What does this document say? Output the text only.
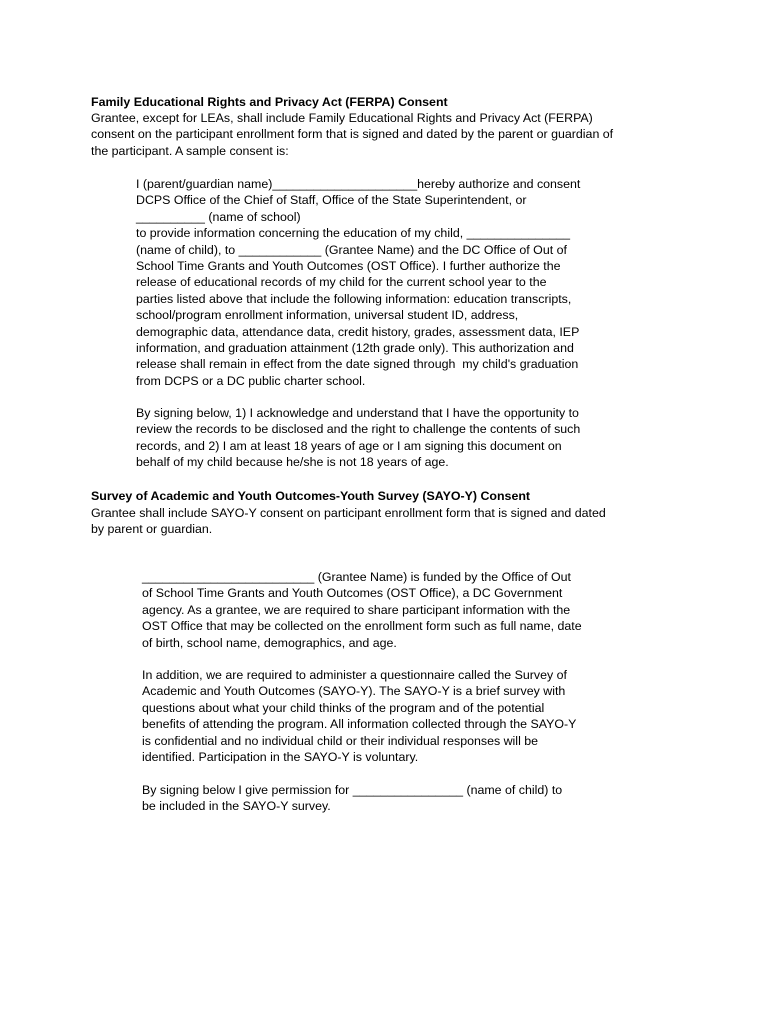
Family Educational Rights and Privacy Act (FERPA) Consent
Grantee, except for LEAs, shall include Family Educational Rights and Privacy Act (FERPA)
consent on the participant enrollment form that is signed and dated by the parent or guardian of
the participant. A sample consent is:
I (parent/guardian name)_____________________hereby authorize and consent
DCPS Office of the Chief of Staff, Office of the State Superintendent, or
__________ (name of school)
to provide information concerning the education of my child, _______________
(name of child), to ____________ (Grantee Name) and the DC Office of Out of
School Time Grants and Youth Outcomes (OST Office). I further authorize the
release of educational records of my child for the current school year to the
parties listed above that include the following information: education transcripts,
school/program enrollment information, universal student ID, address,
demographic data, attendance data, credit history, grades, assessment data, IEP
information, and graduation attainment (12th grade only). This authorization and
release shall remain in effect from the date signed through  my child's graduation
from DCPS or a DC public charter school.
By signing below, 1) I acknowledge and understand that I have the opportunity to
review the records to be disclosed and the right to challenge the contents of such
records, and 2) I am at least 18 years of age or I am signing this document on
behalf of my child because he/she is not 18 years of age.
Survey of Academic and Youth Outcomes-Youth Survey (SAYO-Y) Consent
Grantee shall include SAYO-Y consent on participant enrollment form that is signed and dated
by parent or guardian.
_________________________ (Grantee Name) is funded by the Office of Out
of School Time Grants and Youth Outcomes (OST Office), a DC Government
agency. As a grantee, we are required to share participant information with the
OST Office that may be collected on the enrollment form such as full name, date
of birth, school name, demographics, and age.
In addition, we are required to administer a questionnaire called the Survey of
Academic and Youth Outcomes (SAYO-Y). The SAYO-Y is a brief survey with
questions about what your child thinks of the program and of the potential
benefits of attending the program. All information collected through the SAYO-Y
is confidential and no individual child or their individual responses will be
identified. Participation in the SAYO-Y is voluntary.
By signing below I give permission for ________________ (name of child) to
be included in the SAYO-Y survey.
